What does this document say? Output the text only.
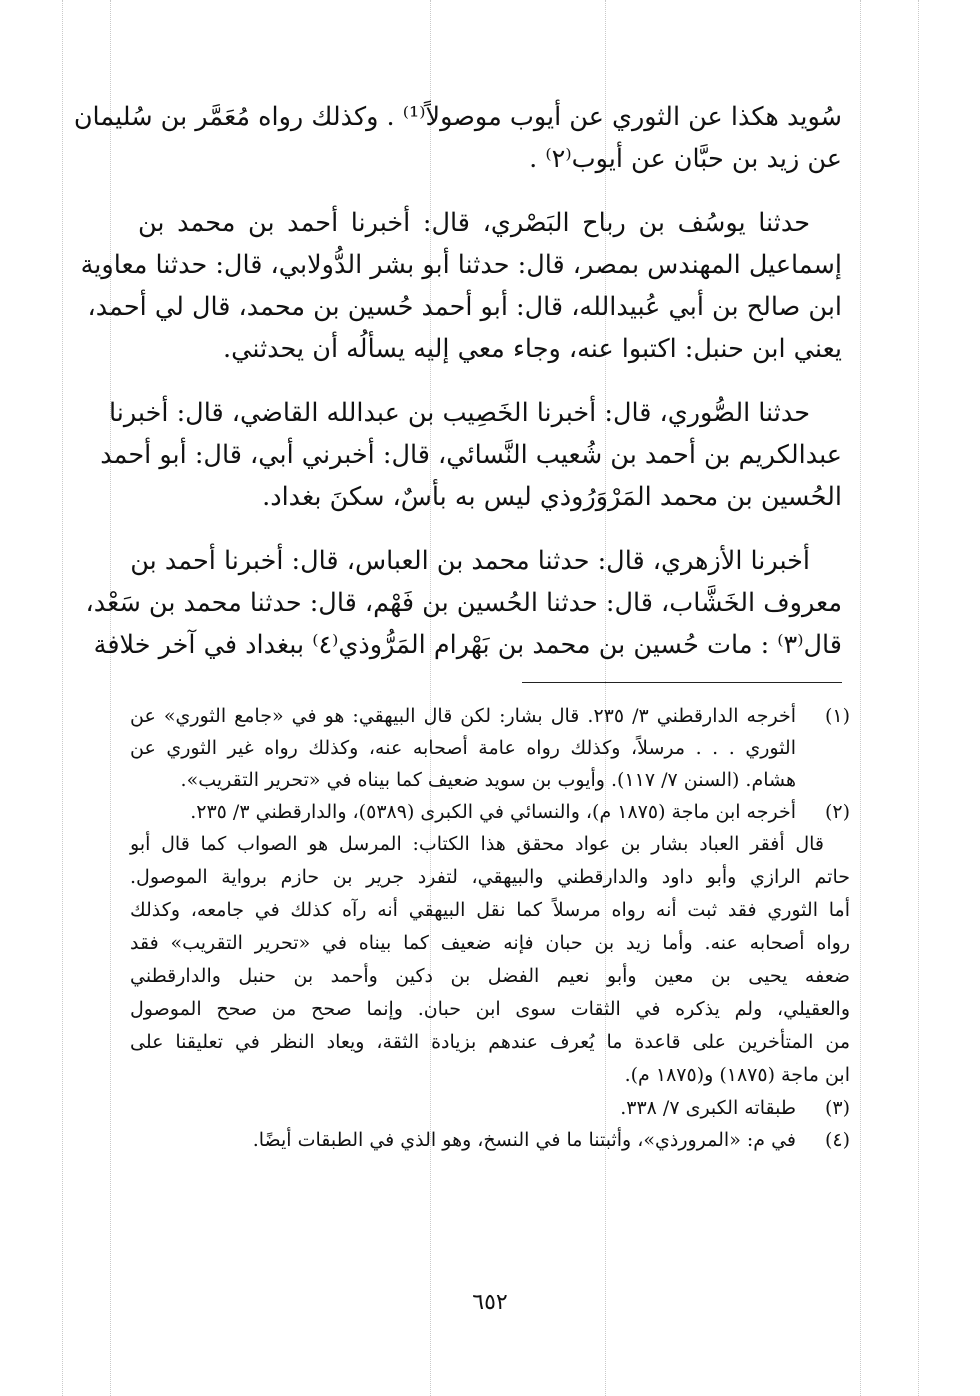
سُويد هكذا عن الثوري عن أيوب موصولاً⁽¹⁾ . وكذلك رواه مُعَمَّر بن سُليمان
عن زيد بن حبَّان عن أيوب⁽٢⁾ .
حدثنا يوسُف بن رباح البَصْري، قال: أخبرنا أحمد بن محمد بن
إسماعيل المهندس بمصر، قال: حدثنا أبو بشر الدُّولابي، قال: حدثنا معاوية
ابن صالح بن أبي عُبيدالله، قال: أبو أحمد حُسين بن محمد، قال لي أحمد،
يعني ابن حنبل: اكتبوا عنه، وجاء معي إليه يسألُه أن يحدثني.
حدثنا الصُّوري، قال: أخبرنا الخَصِيب بن عبدالله القاضي، قال: أخبرنا
عبدالكريم بن أحمد بن شُعيب النَّسائي، قال: أخبرني أبي، قال: أبو أحمد
الحُسين بن محمد المَرْوَرُوذي ليس به بأسٌ، سكنَ بغداد.
أخبرنا الأزهري، قال: حدثنا محمد بن العباس، قال: أخبرنا أحمد بن
معروف الخَشَّاب، قال: حدثنا الحُسين بن فَهْم، قال: حدثنا محمد بن سَعْد،
قال⁽٣⁾ : مات حُسين بن محمد بن بَهْرام المَرُّوذي⁽٤⁾ ببغداد في آخر خلافة
(١)
أخرجه الدارقطني ٣/ ٢٣٥. قال بشار: لكن قال البيهقي: هو في «جامع الثوري» عن
الثوري . . . مرسلاً، وكذلك رواه عامة أصحابه عنه، وكذلك رواه غير الثوري عن
هشام. (السنن ٧/ ١١٧). وأيوب بن سويد ضعيف كما بيناه في «تحرير التقريب».
(٢)
أخرجه ابن ماجة (١٨٧٥ م)، والنسائي في الكبرى (٥٣٨٩)، والدارقطني ٣/ ٢٣٥.
قال أفقر العباد بشار بن عواد محقق هذا الكتاب: المرسل هو الصواب كما قال أبو
حاتم الرازي وأبو داود والدارقطني والبيهقي، لتفرد جرير بن حازم برواية الموصول.
أما الثوري فقد ثبت أنه رواه مرسلاً كما نقل البيهقي أنه رآه كذلك في جامعه، وكذلك
رواه أصحابه عنه. وأما زيد بن حبان فإنه ضعيف كما بيناه في «تحرير التقريب» فقد
ضعفه يحيى بن معين وأبو نعيم الفضل بن دكين وأحمد بن حنبل والدارقطني
والعقيلي، ولم يذكره في الثقات سوى ابن حبان. وإنما صحح من صحح الموصول
من المتأخرين على قاعدة ما يُعرف عندهم بزيادة الثقة، ويعاد النظر في تعليقنا على
ابن ماجة (١٨٧٥) و(١٨٧٥ م).
(٣)
طبقاته الكبرى ٧/ ٣٣٨.
(٤)
في م: «المرورذي»، وأثبتنا ما في النسخ، وهو الذي في الطبقات أيضًا.
٦٥٢
